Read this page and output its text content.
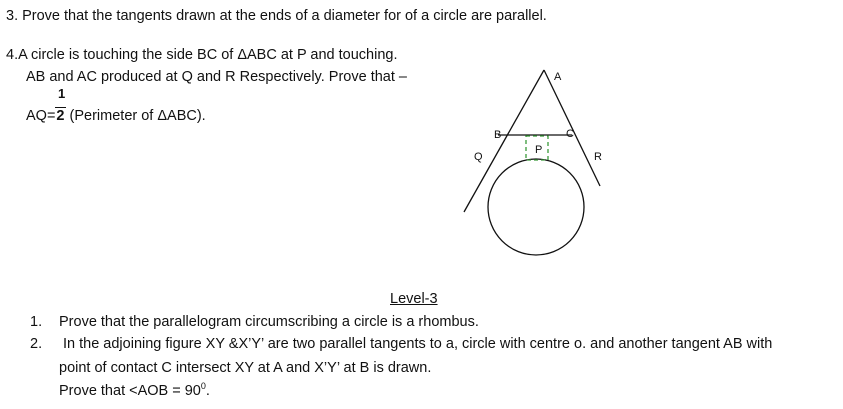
3. Prove that the tangents drawn at the ends of a diameter for of a circle are parallel.
4.A circle is touching the side BC of ΔABC at P and touching.
AB and AC produced at Q and R Respectively. Prove that –
1
AQ=2 (Perimeter of ΔABC).
A
B	C
P
Q	R
Level-3
1. Prove that the parallelogram circumscribing a circle is a rhombus.
2. In the adjoining figure XY &X’Y’ are two parallel tangents to a, circle with centre o. and another tangent AB with
point of contact C intersect XY at A and X’Y’ at B is drawn.
Prove that $<AOB = 90^0$.
